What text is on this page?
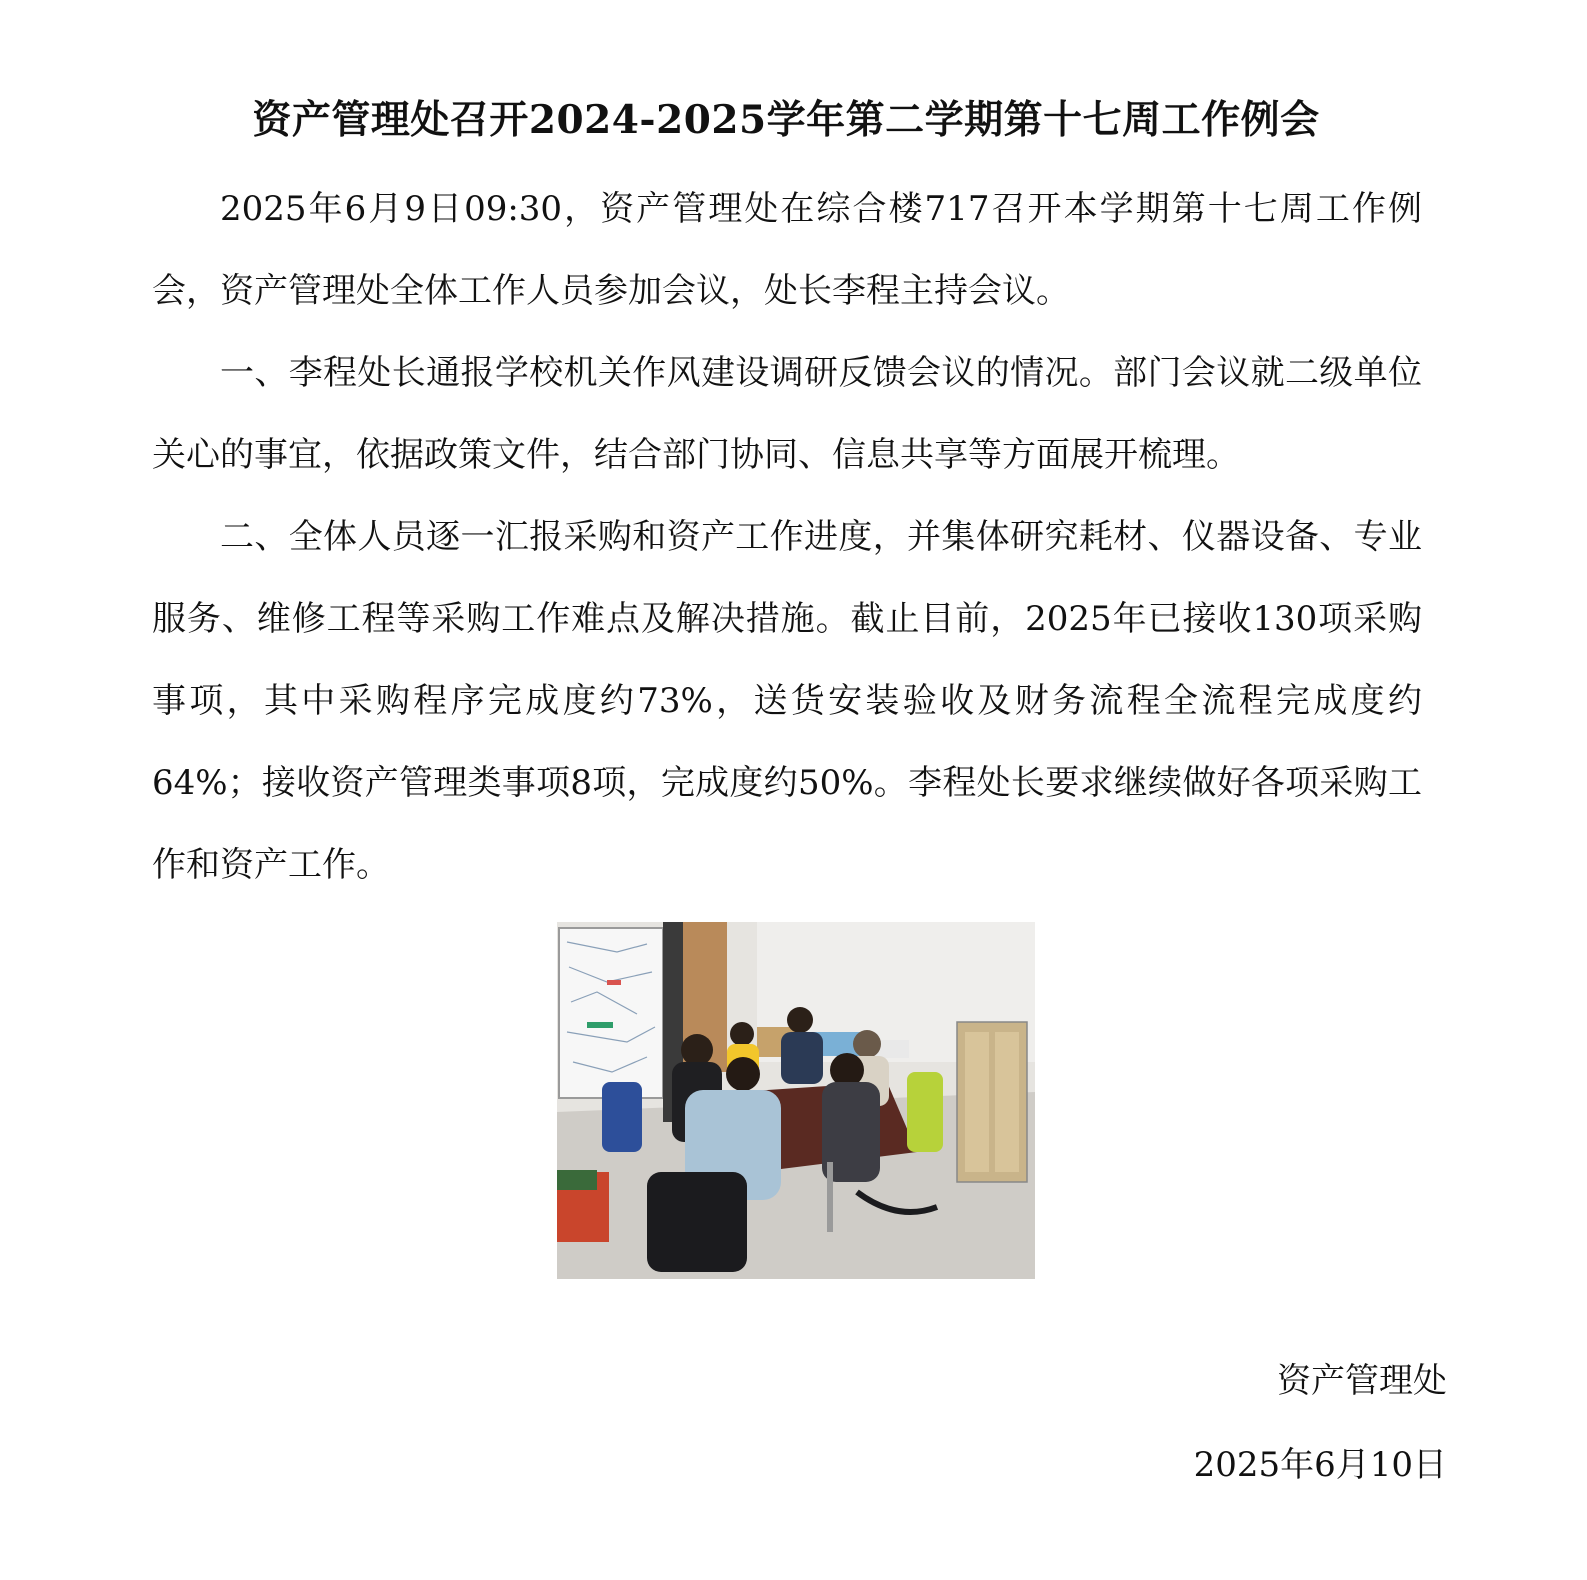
资产管理处召开2024-2025学年第二学期第十七周工作例会

2025年6月9日09:30，资产管理处在综合楼717召开本学期第十七周工作例会，资产管理处全体工作人员参加会议，处长李程主持会议。

一、李程处长通报学校机关作风建设调研反馈会议的情况。部门会议就二级单位关心的事宜，依据政策文件，结合部门协同、信息共享等方面展开梳理。

二、全体人员逐一汇报采购和资产工作进度，并集体研究耗材、仪器设备、专业服务、维修工程等采购工作难点及解决措施。截止目前，2025年已接收130项采购事项，其中采购程序完成度约73%，送货安装验收及财务流程全流程完成度约64%；接收资产管理类事项8项，完成度约50%。李程处长要求继续做好各项采购工作和资产工作。

资产管理处
2025年6月10日
